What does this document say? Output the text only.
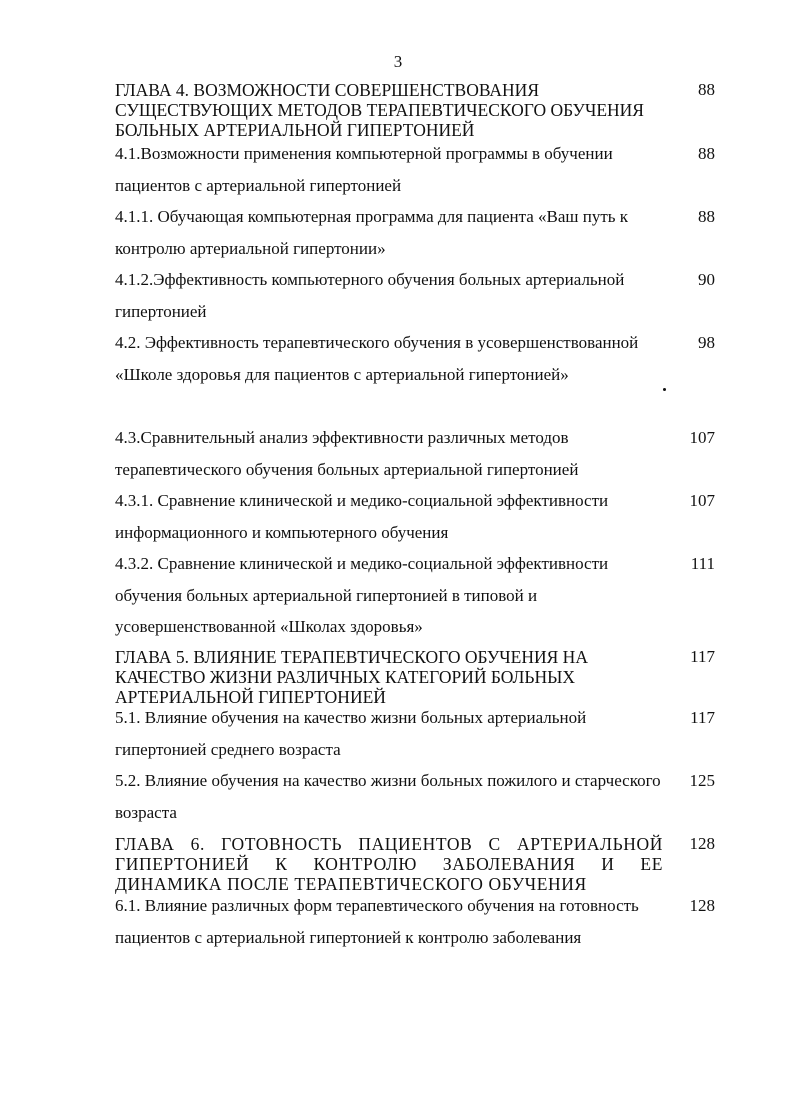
3
ГЛАВА 4. ВОЗМОЖНОСТИ СОВЕРШЕНСТВОВАНИЯ СУЩЕСТВУЮЩИХ МЕТОДОВ ТЕРАПЕВТИЧЕСКОГО ОБУЧЕНИЯ БОЛЬНЫХ АРТЕРИАЛЬНОЙ ГИПЕРТОНИЕЙ
88
4.1.Возможности применения компьютерной программы в обучении пациентов с артериальной гипертонией
88
4.1.1. Обучающая компьютерная программа для пациента «Ваш путь к контролю артериальной гипертонии»
88
4.1.2.Эффективность компьютерного обучения больных артериальной гипертонией
90
4.2. Эффективность терапевтического обучения в усовершенствованной «Школе здоровья для пациентов с артериальной гипертонией»
98
4.3.Сравнительный анализ эффективности различных методов терапевтического обучения больных артериальной гипертонией
107
4.3.1. Сравнение клинической и медико-социальной эффективности информационного и компьютерного обучения
107
4.3.2. Сравнение клинической и медико-социальной эффективности обучения больных артериальной гипертонией в типовой и усовершенствованной «Школах здоровья»
111
ГЛАВА 5. ВЛИЯНИЕ ТЕРАПЕВТИЧЕСКОГО ОБУЧЕНИЯ НА КАЧЕСТВО ЖИЗНИ РАЗЛИЧНЫХ КАТЕГОРИЙ БОЛЬНЫХ АРТЕРИАЛЬНОЙ ГИПЕРТОНИЕЙ
117
5.1. Влияние обучения на качество жизни больных артериальной гипертонией среднего возраста
117
5.2. Влияние обучения на качество жизни больных пожилого и старческого возраста
125
ГЛАВА 6. ГОТОВНОСТЬ ПАЦИЕНТОВ С АРТЕРИАЛЬНОЙ ГИПЕРТОНИЕЙ К КОНТРОЛЮ ЗАБОЛЕВАНИЯ И ЕЕ ДИНАМИКА ПОСЛЕ ТЕРАПЕВТИЧЕСКОГО ОБУЧЕНИЯ
128
6.1. Влияние различных форм терапевтического обучения на готовность пациентов с артериальной гипертонией к контролю заболевания
128
